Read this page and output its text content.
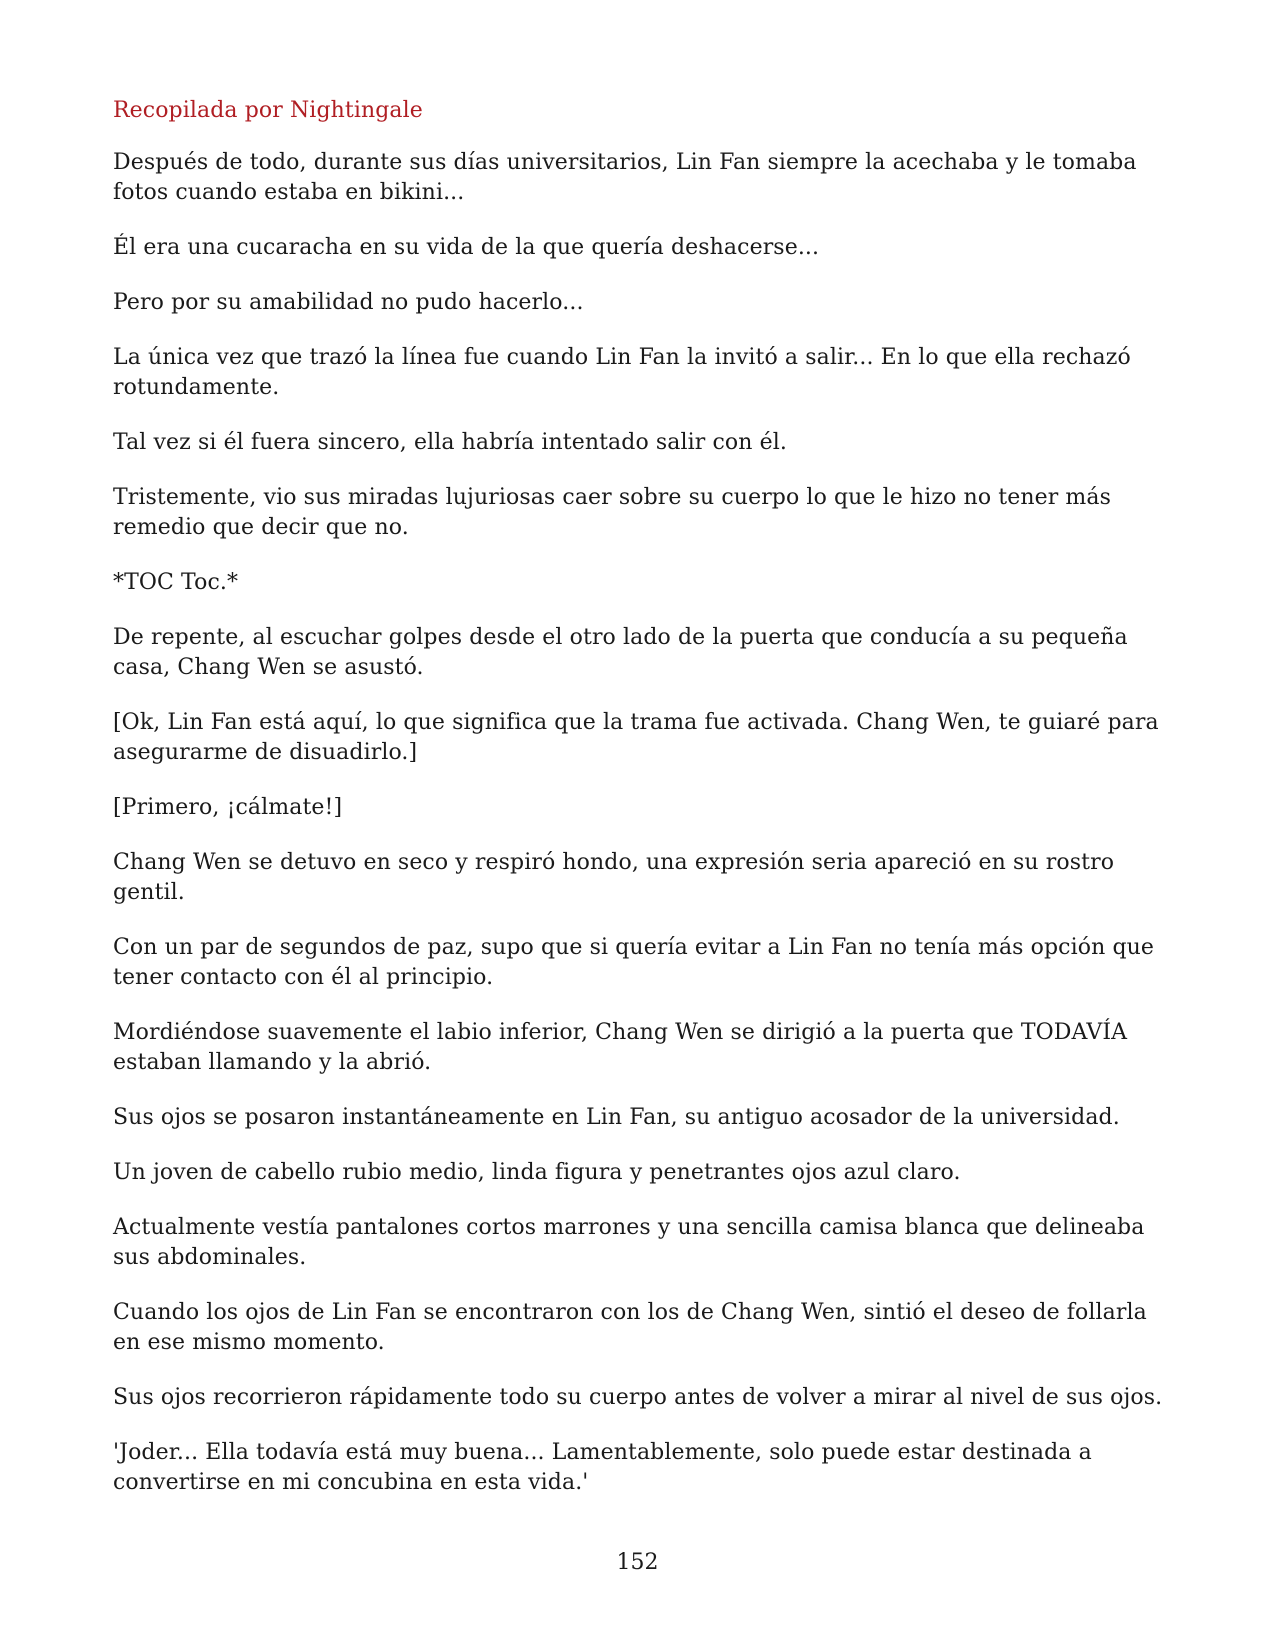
Recopilada por Nightingale

Después de todo, durante sus días universitarios, Lin Fan siempre la acechaba y le tomaba fotos cuando estaba en bikini...

Él era una cucaracha en su vida de la que quería deshacerse...

Pero por su amabilidad no pudo hacerlo...

La única vez que trazó la línea fue cuando Lin Fan la invitó a salir... En lo que ella rechazó rotundamente.

Tal vez si él fuera sincero, ella habría intentado salir con él.

Tristemente, vio sus miradas lujuriosas caer sobre su cuerpo lo que le hizo no tener más remedio que decir que no.

*TOC Toc.*

De repente, al escuchar golpes desde el otro lado de la puerta que conducía a su pequeña casa, Chang Wen se asustó.

[Ok, Lin Fan está aquí, lo que significa que la trama fue activada. Chang Wen, te guiaré para asegurarme de disuadirlo.]

[Primero, ¡cálmate!]

Chang Wen se detuvo en seco y respiró hondo, una expresión seria apareció en su rostro gentil.

Con un par de segundos de paz, supo que si quería evitar a Lin Fan no tenía más opción que tener contacto con él al principio.

Mordiéndose suavemente el labio inferior, Chang Wen se dirigió a la puerta que TODAVÍA estaban llamando y la abrió.

Sus ojos se posaron instantáneamente en Lin Fan, su antiguo acosador de la universidad.

Un joven de cabello rubio medio, linda figura y penetrantes ojos azul claro.

Actualmente vestía pantalones cortos marrones y una sencilla camisa blanca que delineaba sus abdominales.

Cuando los ojos de Lin Fan se encontraron con los de Chang Wen, sintió el deseo de follarla en ese mismo momento.

Sus ojos recorrieron rápidamente todo su cuerpo antes de volver a mirar al nivel de sus ojos.

'Joder... Ella todavía está muy buena... Lamentablemente, solo puede estar destinada a convertirse en mi concubina en esta vida.'

152
